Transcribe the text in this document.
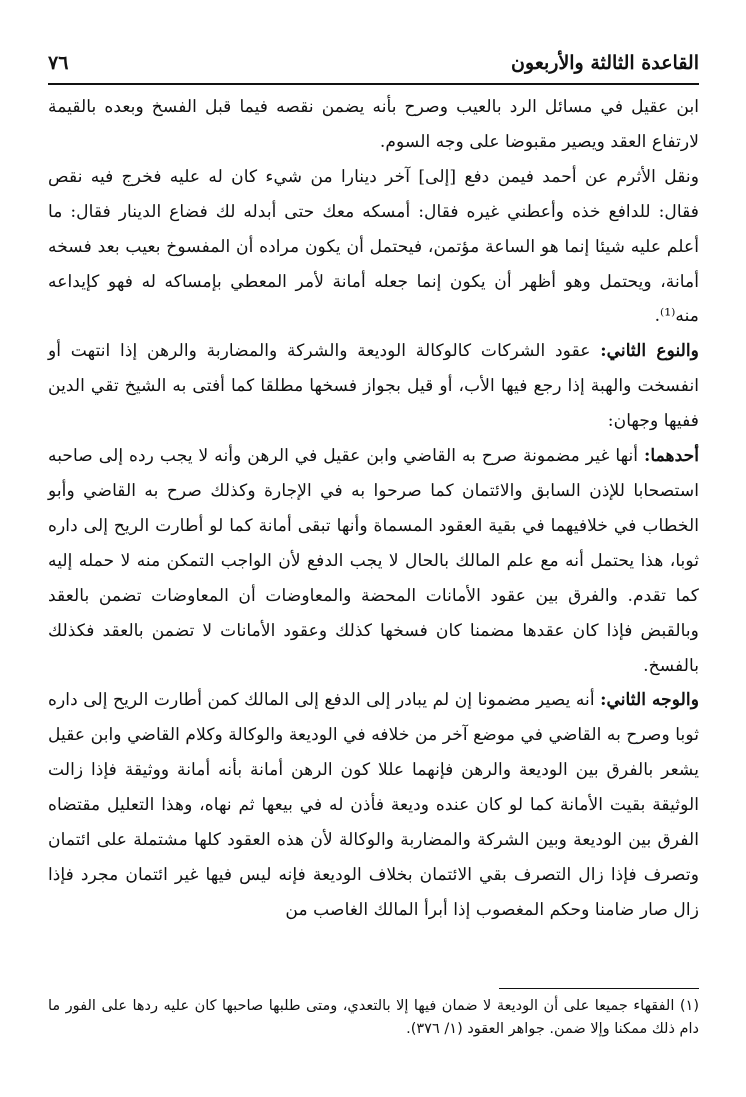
القاعدة الثالثة والأربعون
٧٦

ابن عقيل في مسائل الرد بالعيب وصرح بأنه يضمن نقصه فيما قبل الفسخ وبعده بالقيمة لارتفاع العقد ويصير مقبوضا على وجه السوم.

ونقل الأثرم عن أحمد فيمن دفع [إلى] آخر دينارا من شيء كان له عليه فخرج فيه نقص فقال: للدافع خذه وأعطني غيره فقال: أمسكه معك حتى أبدله لك فضاع الدينار فقال: ما أعلم عليه شيئا إنما هو الساعة مؤتمن، فيحتمل أن يكون مراده أن المفسوخ بعيب بعد فسخه أمانة، ويحتمل وهو أظهر أن يكون إنما جعله أمانة لأمر المعطي بإمساكه له فهو كإيداعه منه⁽¹⁾.

والنوع الثاني: عقود الشركات كالوكالة الوديعة والشركة والمضاربة والرهن إذا انتهت أو انفسخت والهبة إذا رجع فيها الأب، أو قيل بجواز فسخها مطلقا كما أفتى به الشيخ تقي الدين ففيها وجهان:

أحدهما: أنها غير مضمونة صرح به القاضي وابن عقيل في الرهن وأنه لا يجب رده إلى صاحبه استصحابا للإذن السابق والائتمان كما صرحوا به في الإجارة وكذلك صرح به القاضي وأبو الخطاب في خلافيهما في بقية العقود المسماة وأنها تبقى أمانة كما لو أطارت الريح إلى داره ثوبا، هذا يحتمل أنه مع علم المالك بالحال لا يجب الدفع لأن الواجب التمكن منه لا حمله إليه كما تقدم. والفرق بين عقود الأمانات المحضة والمعاوضات أن المعاوضات تضمن بالعقد وبالقبض فإذا كان عقدها مضمنا كان فسخها كذلك وعقود الأمانات لا تضمن بالعقد فكذلك بالفسخ.

والوجه الثاني: أنه يصير مضمونا إن لم يبادر إلى الدفع إلى المالك كمن أطارت الريح إلى داره ثوبا وصرح به القاضي في موضع آخر من خلافه في الوديعة والوكالة وكلام القاضي وابن عقيل يشعر بالفرق بين الوديعة والرهن فإنهما عللا كون الرهن أمانة بأنه أمانة ووثيقة فإذا زالت الوثيقة بقيت الأمانة كما لو كان عنده وديعة فأذن له في بيعها ثم نهاه، وهذا التعليل مقتضاه الفرق بين الوديعة وبين الشركة والمضاربة والوكالة لأن هذه العقود كلها مشتملة على ائتمان وتصرف فإذا زال التصرف بقي الائتمان بخلاف الوديعة فإنه ليس فيها غير ائتمان مجرد فإذا زال صار ضامنا وحكم المغصوب إذا أبرأ المالك الغاصب من

(١) الفقهاء جميعا على أن الوديعة لا ضمان فيها إلا بالتعدي، ومتى طلبها صاحبها كان عليه ردها على الفور ما دام ذلك ممكنا وإلا ضمن. جواهر العقود (١/ ٣٧٦).
